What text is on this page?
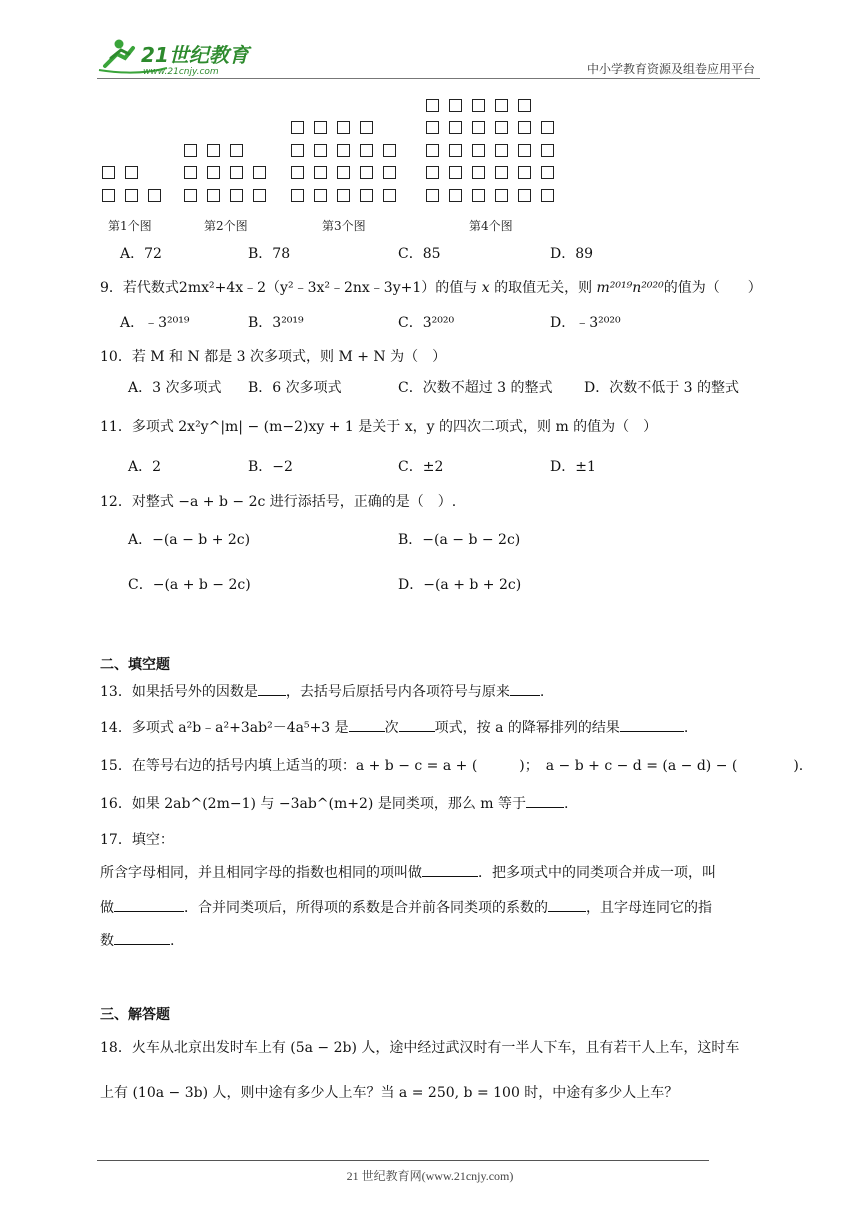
21世纪教育
www.21cnjy.com	中小学教育资源及组卷应用平台
第1个图	第2个图	第3个图	第4个图
A．72	B．78	C．85	D．89
9．若代数式2mx²+4x﹣2（y²﹣3x²﹣2nx﹣3y+1）的值与 x 的取值无关，则 m²⁰¹⁹n²⁰²⁰的值为（　　）
A．﹣3²⁰¹⁹	B．3²⁰¹⁹	C．3²⁰²⁰	D．﹣3²⁰²⁰
10．若 M 和 N 都是 3 次多项式，则 M + N 为（　）
A．3 次多项式 B．6 次多项式	C．次数不超过 3 的整式 D．次数不低于 3 的整式
11．多项式 2x²y^|m| − (m−2)xy + 1 是关于 x，y 的四次二项式，则 m 的值为（　）
A．2	B．−2	C．±2	D．±1
12．对整式 −a + b − 2c 进行添括号，正确的是（　）.
A．−(a − b + 2c)	B．−(a − b − 2c)
C．−(a + b − 2c)	D．−(a + b + 2c)
二、填空题
13．如果括号外的因数是 ，去括号后原括号内各项符号与原来 .
14．多项式 a²b﹣a²+3ab²－4a⁵+3 是	次	项式，按 a 的降幂排列的结果	.
15．在等号右边的括号内填上适当的项：a + b − c = a + (　　　)；　a − b + c − d = (a − d) − (　　　　).
16．如果 2ab^(2m−1) 与 −3ab^(m+2) 是同类项，那么 m 等于	.
17．填空：
所含字母相同，并且相同字母的指数也相同的项叫做	．把多项式中的同类项合并成一项，叫
做	．合并同类项后，所得项的系数是合并前各同类项的系数的	，且字母连同它的指
数	.
三、解答题
18．火车从北京出发时车上有 (5a − 2b) 人，途中经过武汉时有一半人下车，且有若干人上车，这时车
上有 (10a − 3b) 人，则中途有多少人上车？当 a = 250, b = 100 时，中途有多少人上车？
21 世纪教育网(www.21cnjy.com)
